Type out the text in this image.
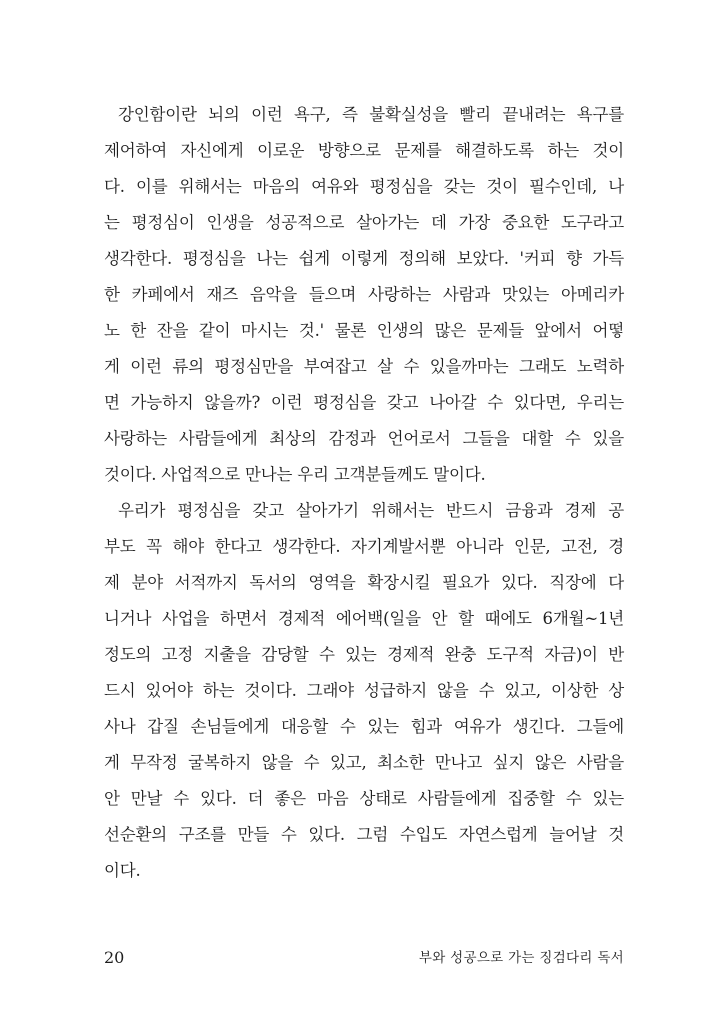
강인함이란 뇌의 이런 욕구, 즉 불확실성을 빨리 끝내려는 욕구를
제어하여 자신에게 이로운 방향으로 문제를 해결하도록 하는 것이
다. 이를 위해서는 마음의 여유와 평정심을 갖는 것이 필수인데, 나
는 평정심이 인생을 성공적으로 살아가는 데 가장 중요한 도구라고
생각한다. 평정심을 나는 쉽게 이렇게 정의해 보았다. '커피 향 가득
한 카페에서 재즈 음악을 들으며 사랑하는 사람과 맛있는 아메리카
노 한 잔을 같이 마시는 것.' 물론 인생의 많은 문제들 앞에서 어떻
게 이런 류의 평정심만을 부여잡고 살 수 있을까마는 그래도 노력하
면 가능하지 않을까? 이런 평정심을 갖고 나아갈 수 있다면, 우리는
사랑하는 사람들에게 최상의 감정과 언어로서 그들을 대할 수 있을
것이다. 사업적으로 만나는 우리 고객분들께도 말이다.
우리가 평정심을 갖고 살아가기 위해서는 반드시 금융과 경제 공
부도 꼭 해야 한다고 생각한다. 자기계발서뿐 아니라 인문, 고전, 경
제 분야 서적까지 독서의 영역을 확장시킬 필요가 있다. 직장에 다
니거나 사업을 하면서 경제적 에어백(일을 안 할 때에도 6개월~1년
정도의 고정 지출을 감당할 수 있는 경제적 완충 도구적 자금)이 반
드시 있어야 하는 것이다. 그래야 성급하지 않을 수 있고, 이상한 상
사나 갑질 손님들에게 대응할 수 있는 힘과 여유가 생긴다. 그들에
게 무작정 굴복하지 않을 수 있고, 최소한 만나고 싶지 않은 사람을
안 만날 수 있다. 더 좋은 마음 상태로 사람들에게 집중할 수 있는
선순환의 구조를 만들 수 있다. 그럼 수입도 자연스럽게 늘어날 것
이다.
20	부와 성공으로 가는 징검다리 독서
